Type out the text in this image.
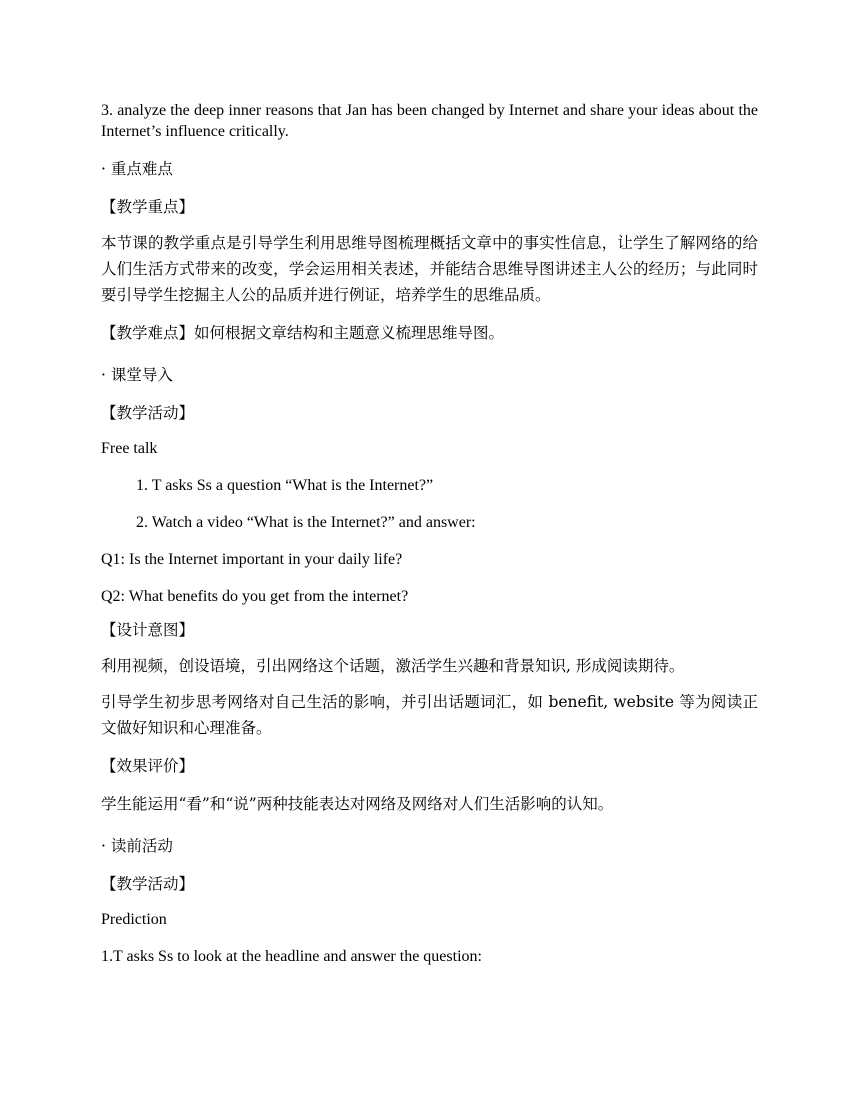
3. analyze the deep inner reasons that Jan has been changed by Internet and share your ideas about the Internet’s influence critically.

· 重点难点

【教学重点】

本节课的教学重点是引导学生利用思维导图梳理概括文章中的事实性信息，让学生了解网络的给人们生活方式带来的改变，学会运用相关表述，并能结合思维导图讲述主人公的经历；与此同时要引导学生挖掘主人公的品质并进行例证，培养学生的思维品质。

【教学难点】如何根据文章结构和主题意义梳理思维导图。

· 课堂导入

【教学活动】

Free talk

1. T asks Ss a question “What is the Internet?”

2. Watch a video “What is the Internet?” and answer:

Q1: Is the Internet important in your daily life?

Q2: What benefits do you get from the internet?

【设计意图】

利用视频，创设语境，引出网络这个话题，激活学生兴趣和背景知识, 形成阅读期待。

引导学生初步思考网络对自己生活的影响，并引出话题词汇，如 benefit, website 等为阅读正文做好知识和心理准备。

【效果评价】

学生能运用“看”和“说”两种技能表达对网络及网络对人们生活影响的认知。

· 读前活动

【教学活动】

Prediction

1.T asks Ss to look at the headline and answer the question:
